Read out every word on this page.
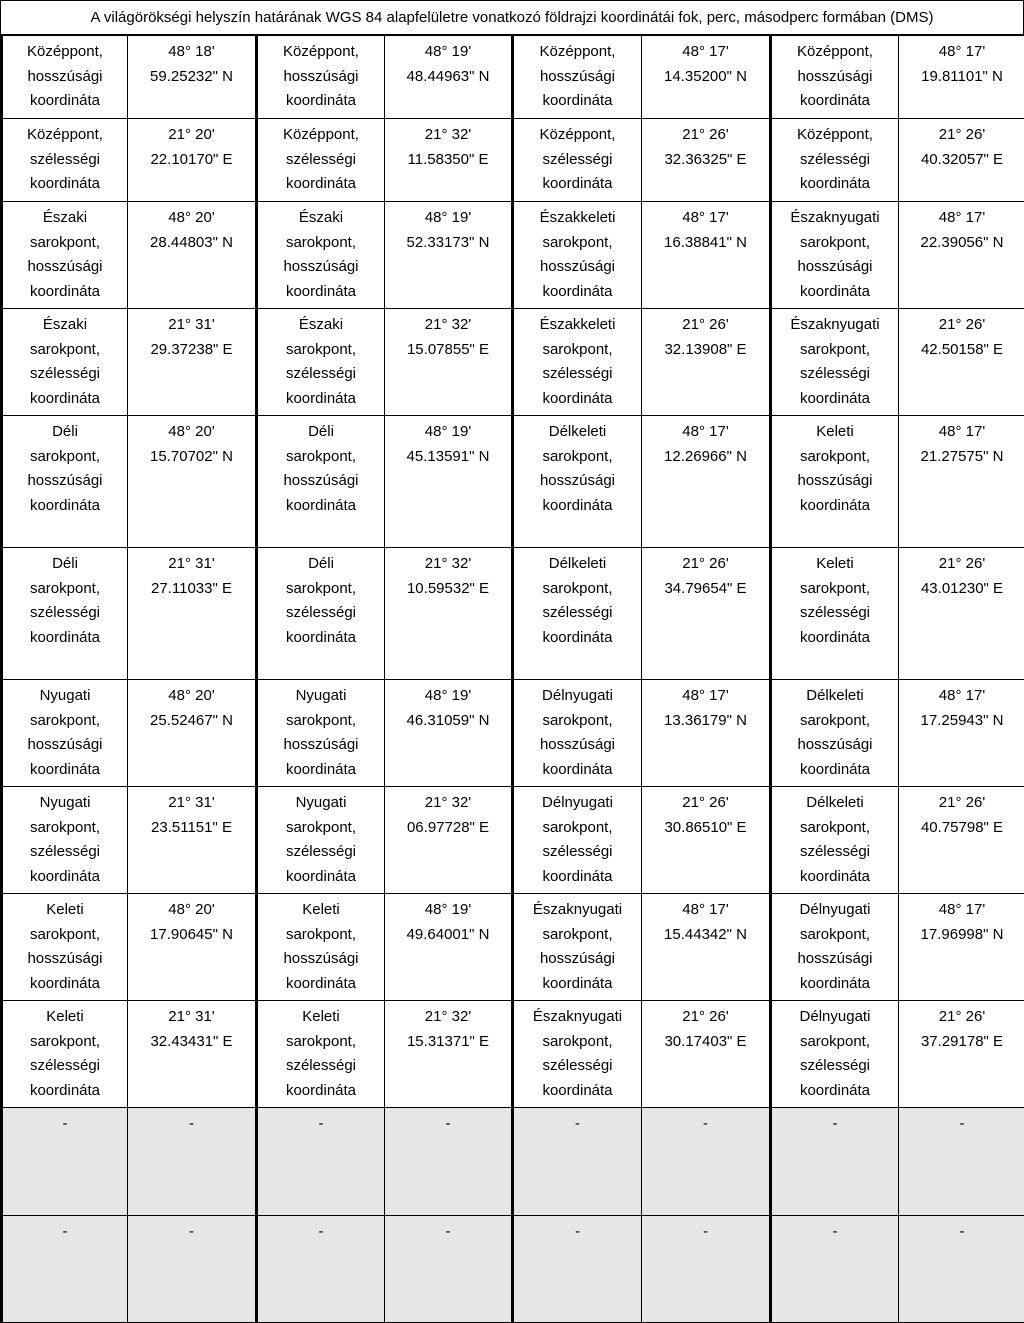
A világörökségi helyszín határának WGS 84 alapfelületre vonatkozó földrajzi koordinátái fok, perc, másodperc formában (DMS)
Középpont,
hosszúsági
koordináta	48° 18'
59.25232" N	Középpont,
hosszúsági
koordináta	48° 19'
48.44963" N	Középpont,
hosszúsági
koordináta	48° 17'
14.35200" N	Középpont,
hosszúsági
koordináta	48° 17'
19.81101" N
Középpont,
szélességi
koordináta	21° 20'
22.10170" E	Középpont,
szélességi
koordináta	21° 32'
11.58350" E	Középpont,
szélességi
koordináta	21° 26'
32.36325" E	Középpont,
szélességi
koordináta	21° 26'
40.32057" E
Északi
sarokpont,
hosszúsági
koordináta	48° 20'
28.44803" N	Északi
sarokpont,
hosszúsági
koordináta	48° 19'
52.33173" N	Északkeleti
sarokpont,
hosszúsági
koordináta	48° 17'
16.38841" N	Északnyugati
sarokpont,
hosszúsági
koordináta	48° 17'
22.39056" N
Északi
sarokpont,
szélességi
koordináta	21° 31'
29.37238" E	Északi
sarokpont,
szélességi
koordináta	21° 32'
15.07855" E	Északkeleti
sarokpont,
szélességi
koordináta	21° 26'
32.13908" E	Északnyugati
sarokpont,
szélességi
koordináta	21° 26'
42.50158" E
Déli
sarokpont,
hosszúsági
koordináta	48° 20'
15.70702" N	Déli
sarokpont,
hosszúsági
koordináta	48° 19'
45.13591" N	Délkeleti
sarokpont,
hosszúsági
koordináta	48° 17'
12.26966" N	Keleti
sarokpont,
hosszúsági
koordináta	48° 17'
21.27575" N
Déli
sarokpont,
szélességi
koordináta	21° 31'
27.11033" E	Déli
sarokpont,
szélességi
koordináta	21° 32'
10.59532" E	Délkeleti
sarokpont,
szélességi
koordináta	21° 26'
34.79654" E	Keleti
sarokpont,
szélességi
koordináta	21° 26'
43.01230" E
Nyugati
sarokpont,
hosszúsági
koordináta	48° 20'
25.52467" N	Nyugati
sarokpont,
hosszúsági
koordináta	48° 19'
46.31059" N	Délnyugati
sarokpont,
hosszúsági
koordináta	48° 17'
13.36179" N	Délkeleti
sarokpont,
hosszúsági
koordináta	48° 17'
17.25943" N
Nyugati
sarokpont,
szélességi
koordináta	21° 31'
23.51151" E	Nyugati
sarokpont,
szélességi
koordináta	21° 32'
06.97728" E	Délnyugati
sarokpont,
szélességi
koordináta	21° 26'
30.86510" E	Délkeleti
sarokpont,
szélességi
koordináta	21° 26'
40.75798" E
Keleti
sarokpont,
hosszúsági
koordináta	48° 20'
17.90645" N	Keleti
sarokpont,
hosszúsági
koordináta	48° 19'
49.64001" N	Északnyugati
sarokpont,
hosszúsági
koordináta	48° 17'
15.44342" N	Délnyugati
sarokpont,
hosszúsági
koordináta	48° 17'
17.96998" N
Keleti
sarokpont,
szélességi
koordináta	21° 31'
32.43431" E	Keleti
sarokpont,
szélességi
koordináta	21° 32'
15.31371" E	Északnyugati
sarokpont,
szélességi
koordináta	21° 26'
30.17403" E	Délnyugati
sarokpont,
szélességi
koordináta	21° 26'
37.29178" E
-	-	-	-	-	-	-	-
-	-	-	-	-	-	-	-
